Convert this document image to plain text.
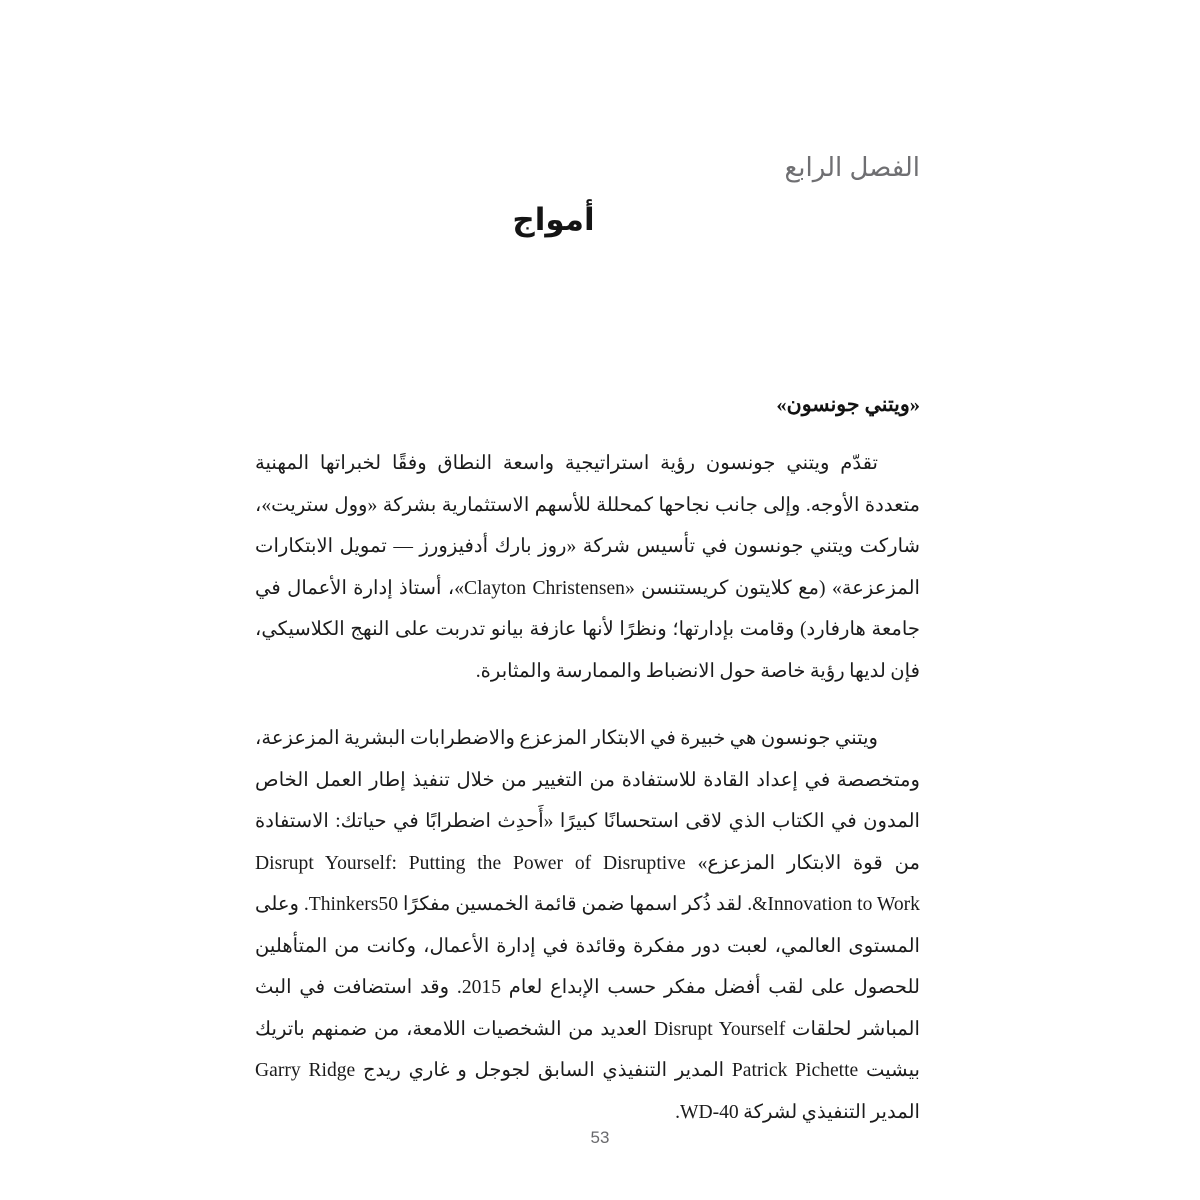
الفصل الرابع
أمواج
«ويتني جونسون»

تقدّم ويتني جونسون رؤية استراتيجية واسعة النطاق وفقًا لخبراتها المهنية متعددة الأوجه. وإلى جانب نجاحها كمحللة للأسهم الاستثمارية بشركة «وول ستريت»، شاركت ويتني جونسون في تأسيس شركة «روز بارك أدفيزورز — تمويل الابتكارات المزعزعة» (مع كلايتون كريستنسن «Clayton Christensen»، أستاذ إدارة الأعمال في جامعة هارفارد) وقامت بإدارتها؛ ونظرًا لأنها عازفة بيانو تدربت على النهج الكلاسيكي، فإن لديها رؤية خاصة حول الانضباط والممارسة والمثابرة.

ويتني جونسون هي خبيرة في الابتكار المزعزع والاضطرابات البشرية المزعزعة، ومتخصصة في إعداد القادة للاستفادة من التغيير من خلال تنفيذ إطار العمل الخاص المدون في الكتاب الذي لاقى استحسانًا كبيرًا «أَحدِث اضطرابًا في حياتك: الاستفادة من قوة الابتكار المزعزع» Disrupt Yourself: Putting the Power of Disruptive Innovation to Work&. لقد ذُكر اسمها ضمن قائمة الخمسين مفكرًا Thinkers50. وعلى المستوى العالمي، لعبت دور مفكرة وقائدة في إدارة الأعمال، وكانت من المتأهلين للحصول على لقب أفضل مفكر حسب الإبداع لعام 2015. وقد استضافت في البث المباشر لحلقات Disrupt Yourself العديد من الشخصيات اللامعة، من ضمنهم باتريك بيشيت Patrick Pichette المدير التنفيذي السابق لجوجل و غاري ريدج Garry Ridge المدير التنفيذي لشركة WD-40.

53
